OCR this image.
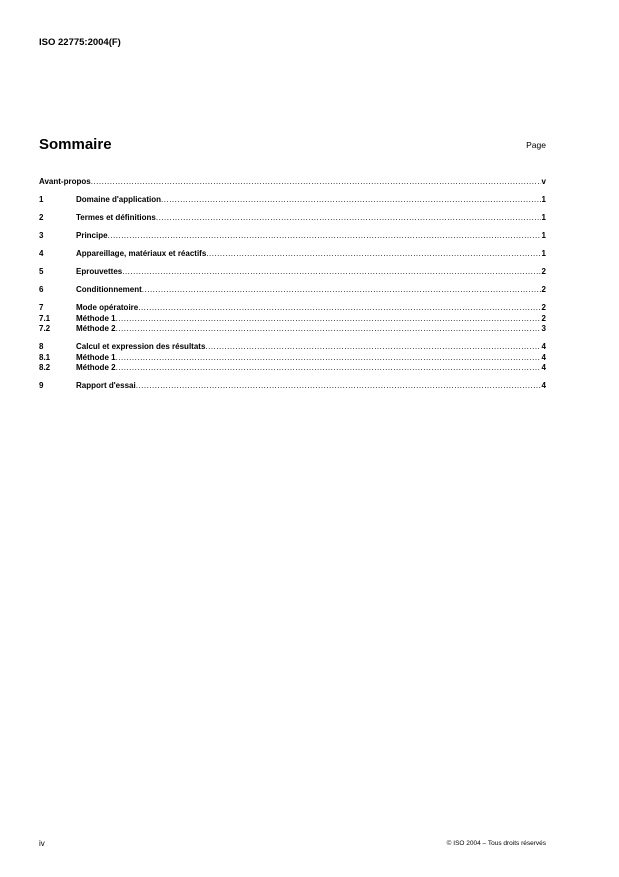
ISO 22775:2004(F)
Sommaire	Page
Avant-propos .....	v
1	Domaine d'application .....	1
2	Termes et définitions .....	1
3	Principe .....	1
4	Appareillage, matériaux et réactifs .....	1
5	Eprouvettes .....	2
6	Conditionnement .....	2
7	Mode opératoire .....	2
7.1	Méthode 1 .....	2
7.2	Méthode 2 .....	3
8	Calcul et expression des résultats .....	4
8.1	Méthode 1 .....	4
8.2	Méthode 2 .....	4
9	Rapport d'essai .....	4
iv	© ISO 2004 – Tous droits réservés
